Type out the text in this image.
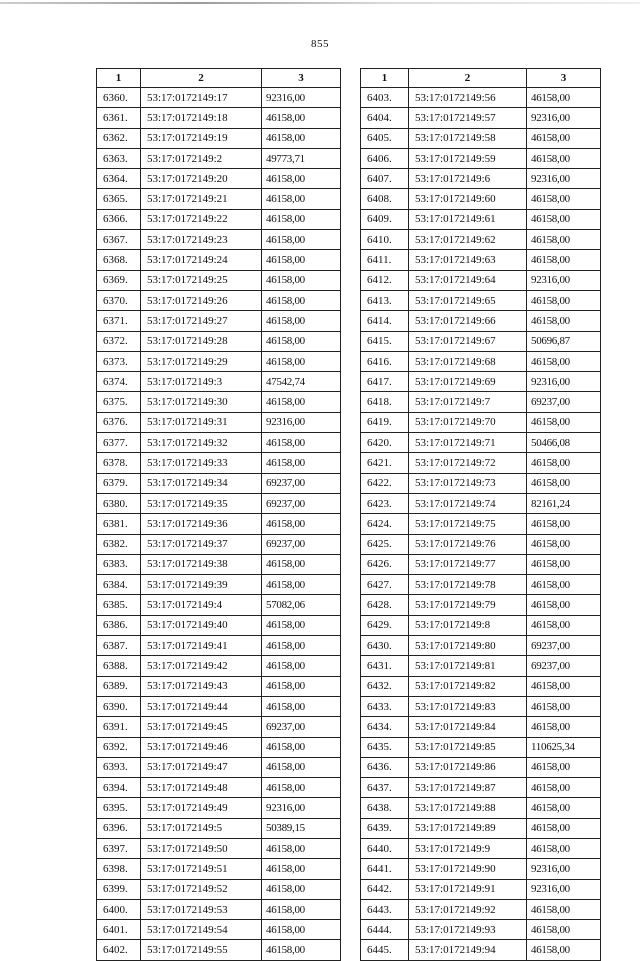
855
1	2	3
6360.	53:17:0172149:17	92316,00
6361.	53:17:0172149:18	46158,00
6362.	53:17:0172149:19	46158,00
6363.	53:17:0172149:2	49773,71
6364.	53:17:0172149:20	46158,00
6365.	53:17:0172149:21	46158,00
6366.	53:17:0172149:22	46158,00
6367.	53:17:0172149:23	46158,00
6368.	53:17:0172149:24	46158,00
6369.	53:17:0172149:25	46158,00
6370.	53:17:0172149:26	46158,00
6371.	53:17:0172149:27	46158,00
6372.	53:17:0172149:28	46158,00
6373.	53:17:0172149:29	46158,00
6374.	53:17:0172149:3	47542,74
6375.	53:17:0172149:30	46158,00
6376.	53:17:0172149:31	92316,00
6377.	53:17:0172149:32	46158,00
6378.	53:17:0172149:33	46158,00
6379.	53:17:0172149:34	69237,00
6380.	53:17:0172149:35	69237,00
6381.	53:17:0172149:36	46158,00
6382.	53:17:0172149:37	69237,00
6383.	53:17:0172149:38	46158,00
6384.	53:17:0172149:39	46158,00
6385.	53:17:0172149:4	57082,06
6386.	53:17:0172149:40	46158,00
6387.	53:17:0172149:41	46158,00
6388.	53:17:0172149:42	46158,00
6389.	53:17:0172149:43	46158,00
6390.	53:17:0172149:44	46158,00
6391.	53:17:0172149:45	69237,00
6392.	53:17:0172149:46	46158,00
6393.	53:17:0172149:47	46158,00
6394.	53:17:0172149:48	46158,00
6395.	53:17:0172149:49	92316,00
6396.	53:17:0172149:5	50389,15
6397.	53:17:0172149:50	46158,00
6398.	53:17:0172149:51	46158,00
6399.	53:17:0172149:52	46158,00
6400.	53:17:0172149:53	46158,00
6401.	53:17:0172149:54	46158,00
6402.	53:17:0172149:55	46158,00
1	2	3
6403.	53:17:0172149:56	46158,00
6404.	53:17:0172149:57	92316,00
6405.	53:17:0172149:58	46158,00
6406.	53:17:0172149:59	46158,00
6407.	53:17:0172149:6	92316,00
6408.	53:17:0172149:60	46158,00
6409.	53:17:0172149:61	46158,00
6410.	53:17:0172149:62	46158,00
6411.	53:17:0172149:63	46158,00
6412.	53:17:0172149:64	92316,00
6413.	53:17:0172149:65	46158,00
6414.	53:17:0172149:66	46158,00
6415.	53:17:0172149:67	50696,87
6416.	53:17:0172149:68	46158,00
6417.	53:17:0172149:69	92316,00
6418.	53:17:0172149:7	69237,00
6419.	53:17:0172149:70	46158,00
6420.	53:17:0172149:71	50466,08
6421.	53:17:0172149:72	46158,00
6422.	53:17:0172149:73	46158,00
6423.	53:17:0172149:74	82161,24
6424.	53:17:0172149:75	46158,00
6425.	53:17:0172149:76	46158,00
6426.	53:17:0172149:77	46158,00
6427.	53:17:0172149:78	46158,00
6428.	53:17:0172149:79	46158,00
6429.	53:17:0172149:8	46158,00
6430.	53:17:0172149:80	69237,00
6431.	53:17:0172149:81	69237,00
6432.	53:17:0172149:82	46158,00
6433.	53:17:0172149:83	46158,00
6434.	53:17:0172149:84	46158,00
6435.	53:17:0172149:85	110625,34
6436.	53:17:0172149:86	46158,00
6437.	53:17:0172149:87	46158,00
6438.	53:17:0172149:88	46158,00
6439.	53:17:0172149:89	46158,00
6440.	53:17:0172149:9	46158,00
6441.	53:17:0172149:90	92316,00
6442.	53:17:0172149:91	92316,00
6443.	53:17:0172149:92	46158,00
6444.	53:17:0172149:93	46158,00
6445.	53:17:0172149:94	46158,00
